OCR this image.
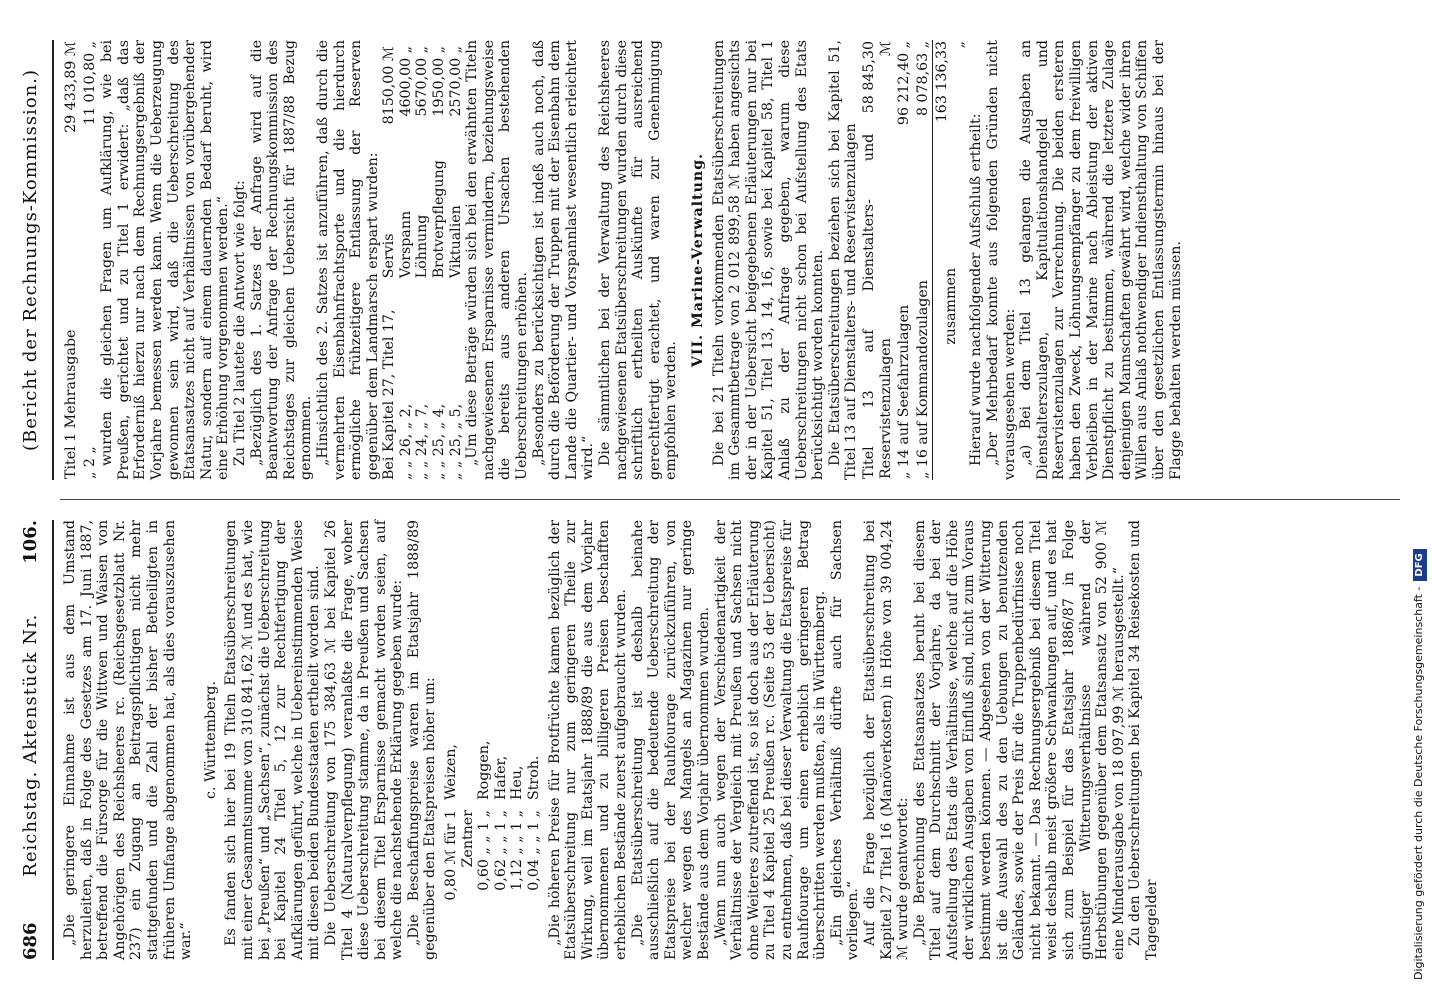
686 Reichstag. Aktenstück Nr.
106.
(Bericht der Rechnungs-Kommission.)

„Die geringere Einnahme ist aus dem Umstand herzuleiten, daß in Folge des Gesetzes am 17. Juni 1887, betreffend die Fürsorge für die Wittwen und Waisen von Angehörigen des Reichsheeres rc. (Reichsgesetzblatt Nr. 237) ein Zugang an Beitragspflichtigen nicht mehr stattgefunden und die Zahl der bisher Betheiligten in früheren Umfange abgenommen hat, als dies vorauszusehen war.“

c. Württemberg. Es fanden sich hier bei 19 Titeln Etatsüberschreitungen mit einer Gesammtsumme von 310 841,62 ℳ und es hat, wie bei „Preußen“ und „Sachsen“, zunächst die Ueberschreitung bei Kapitel 24 Titel 5, 12 zur Rechtfertigung der Aufklärungen geführt, welche in Uebereinstimmenden Weise mit diesen beiden Bundesstaaten ertheilt worden sind. Die Ueberschreitung von 175 384,63 ℳ bei Kapitel 26 Titel 4 (Naturalverpflegung) veranlaßte die Frage, woher diese Ueberschreitung stamme, da in Preußen und Sachsen bei diesem Titel Ersparnisse gemacht worden seien, auf welche die nachstehende Erklärung gegeben wurde: „Die Beschaffungspreise waren im Etatsjahr 1888/89 gegenüber den Etatspreisen höher um: 0,80 ℳ für 1 Zentner
Weizen,
0,60 „ „ 1 „
Roggen,
0,62 „ „ 1 „
Hafer,
1,12 „ „ 1 „
Heu,
0,04 „ „ 1 „
Stroh. „Die höheren Preise für Brotfrüchte kamen bezüglich der Etatsüberschreitung nur zum geringeren Theile zur Wirkung, weil im Etatsjahr 1888/89 die aus dem Vorjahr übernommenen und zu billigeren Preisen beschafften erheblichen Bestände zuerst aufgebraucht wurden. „Die Etatsüberschreitung ist deshalb beinahe ausschließlich auf die bedeutende Ueberschreitung der Etatspreise bei der Rauhfourage zurückzuführen, von welcher wegen des Mangels an Magazinen nur geringe Bestände aus dem Vorjahr übernommen wurden. „Wenn nun auch wegen der Verschiedenartigkeit der Verhältnisse der Vergleich mit Preußen und Sachsen nicht ohne Weiteres zutreffend ist, so ist doch aus der Erläuterung zu Titel 4 Kapitel 25 Preußen rc. (Seite 53 der Uebersicht) zu entnehmen, daß bei dieser Verwaltung die Etatspreise für Rauhfourage um einen erheblich geringeren Betrag überschritten werden mußten, als in Württemberg. „Ein gleiches Verhältniß dürfte auch für Sachsen vorliegen.“ Auf die Frage bezüglich der Etatsüberschreitung bei Kapitel 27 Titel 16 (Manöverkosten) in Höhe von 39 004,24 ℳ wurde geantwortet: „Die Berechnung des Etatsansatzes beruht bei diesem Titel auf dem Durchschnitt der Vorjahre, da bei der Aufstellung des Etats die Verhältnisse, welche auf die Höhe der wirklichen Ausgaben von Einfluß sind, nicht zum Voraus bestimmt werden können. — Abgesehen von der Witterung ist die Auswahl des zu den Uebungen zu benutzenden Geländes, sowie der Preis für die Truppenbedürfnisse noch nicht bekannt. — Das Rechnungsergebniß bei diesem Titel weist deshalb meist größere Schwankungen auf, und es hat sich zum Beispiel für das Etatsjahr 1886/87 in Folge günstiger Witterungsverhältnisse während der Herbstübungen gegenüber dem Etatsansatz von 52 900 ℳ eine Minderausgabe von 18 097,99 ℳ herausgestellt.“ Zu den Ueberschreitungen bei Kapitel 34 Reisekosten und Tagegelder

Titel 1 Mehrausgabe	29 433,89 ℳ
„ 2 „	11 010,80 „ wurden die gleichen Fragen um Aufklärung, wie bei Preußen, gerichtet und zu Titel 1 erwidert: „daß das Erforderniß hierzu nur nach dem Rechnungsergebniß der Vorjahre bemessen werden kann. Wenn die Ueberzeugung gewonnen sein wird, daß die Ueberschreitung des Etatsansatzes nicht auf Verhältnissen von vorübergehender Natur, sondern auf einem dauernden Bedarf beruht, wird eine Erhöhung vorgenommen werden.“ Zu Titel 2 lautete die Antwort wie folgt: „Bezüglich des 1. Satzes der Anfrage wird auf die Beantwortung der Anfrage der Rechnungskommission des Reichstages zur gleichen Uebersicht für 1887/88 Bezug genommen. „Hinsichtlich des 2. Satzes ist anzuführen, daß durch die vermehrten Eisenbahnfrachtsporte und die hierdurch ermögliche frühzeitigere Entlassung der Reserven gegenüber dem Landmarsch erspart wurden: Bei Kapitel 27, Titel 17,	Servis	8150,00 ℳ
„ „ 26, „ 2,	Vorspann	4600,00 „
„ „ 24, „ 7,	Löhnung	5670,00 „
„ „ 25, „ 4,	Brotverpflegung	1950,00 „
„ „ 25, „ 5,	Viktualien	2570,00 „ „Um diese Beträge würden sich bei den erwähnten Titeln nachgewiesenen Ersparnisse vermindern, beziehungsweise die bereits aus anderen Ursachen bestehenden Ueberschreitungen erhöhen. „Besonders zu berücksichtigen ist indeß auch noch, daß durch die Beförderung der Truppen mit der Eisenbahn dem Lande die Quartier- und Vorspannlast wesentlich erleichtert wird.“ Die sämmtlichen bei der Verwaltung des Reichsheeres nachgewiesenen Etatsüberschreitungen wurden durch diese schriftlich ertheilten Auskünfte für ausreichend gerechtfertigt erachtet, und waren zur Genehmigung empfohlen werden.

VII. Marine-Verwaltung. Die bei 21 Titeln vorkommenden Etatsüberschreitungen im Gesammtbetrage von 2 012 899,58 ℳ haben angesichts der in der Uebersicht beigegebenen Erläuterungen nur bei Kapitel 51, Titel 13, 14, 16, sowie bei Kapitel 58, Titel 1 Anlaß zu der Anfrage gegeben, warum diese Ueberschreitungen nicht schon bei Aufstellung des Etats berücksichtigt worden konnten. Die Etatsüberschreitungen beziehen sich bei Kapitel 51, Titel 13 auf Dienstalters- und Reservistenzulagen Titel 13 auf Dienstalters- und Reservistenzulagen	58 845,30 ℳ
„ 14 auf Seefahrzulagen	96 212,40 „
„ 16 auf Kommandozulagen	8 078,63 „
zusammen	163 136,33 „

Hierauf wurde nachfolgender Aufschluß ertheilt: „Der Mehrbedarf konnte aus folgenden Gründen nicht vorausgesehen werden: „a) Bei dem Titel 13 gelangen die Ausgaben an Dienstalterszulagen, Kapitulationshandgeld und Reservistenzulagen zur Verrechnung. Die beiden ersteren haben den Zweck, Löhnungsempfänger zu dem freiwilligen Verbleiben in der Marine nach Ableistung der aktiven Dienstpflicht zu bestimmen, während die letztere Zulage denjenigen Mannschaften gewährt wird, welche wider ihren Willen aus Anlaß nothwendiger Indiensthaltung von Schiffen über den gesetzlichen Entlassungstermin hinaus bei der Flagge behalten werden müssen.

Digitalisierung gefördert durch die Deutsche Forschungsgemeinschaft -DFG
